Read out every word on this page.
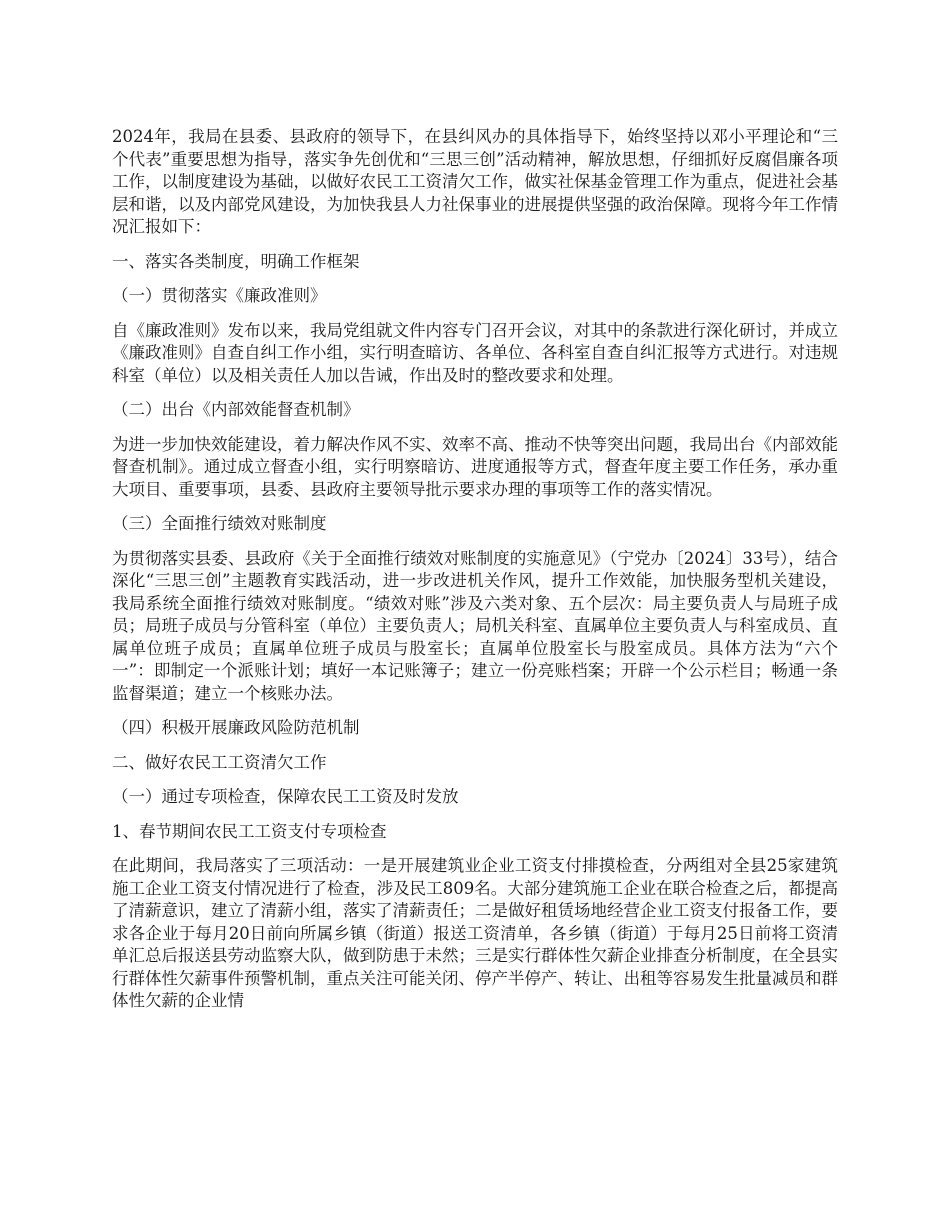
2024年，我局在县委、县政府的领导下，在县纠风办的具体指导下，始终坚持以邓小平理论和“三个代表”重要思想为指导，落实争先创优和“三思三创”活动精神，解放思想，仔细抓好反腐倡廉各项工作，以制度建设为基础，以做好农民工工资清欠工作，做实社保基金管理工作为重点，促进社会基层和谐，以及内部党风建设，为加快我县人力社保事业的进展提供坚强的政治保障。现将今年工作情况汇报如下：

一、落实各类制度，明确工作框架

（一）贯彻落实《廉政准则》

自《廉政准则》发布以来，我局党组就文件内容专门召开会议，对其中的条款进行深化研讨，并成立《廉政准则》自查自纠工作小组，实行明查暗访、各单位、各科室自查自纠汇报等方式进行。对违规科室（单位）以及相关责任人加以告诫，作出及时的整改要求和处理。

（二）出台《内部效能督查机制》

为进一步加快效能建设，着力解决作风不实、效率不高、推动不快等突出问题，我局出台《内部效能督查机制》。通过成立督查小组，实行明察暗访、进度通报等方式，督查年度主要工作任务，承办重大项目、重要事项，县委、县政府主要领导批示要求办理的事项等工作的落实情况。

（三）全面推行绩效对账制度

为贯彻落实县委、县政府《关于全面推行绩效对账制度的实施意见》（宁党办〔2024〕33号），结合深化“三思三创”主题教育实践活动，进一步改进机关作风，提升工作效能，加快服务型机关建设，我局系统全面推行绩效对账制度。“绩效对账”涉及六类对象、五个层次：局主要负责人与局班子成员；局班子成员与分管科室（单位）主要负责人；局机关科室、直属单位主要负责人与科室成员、直属单位班子成员；直属单位班子成员与股室长；直属单位股室长与股室成员。具体方法为“六个一”：即制定一个派账计划；填好一本记账簿子；建立一份亮账档案；开辟一个公示栏目；畅通一条监督渠道；建立一个核账办法。

（四）积极开展廉政风险防范机制

二、做好农民工工资清欠工作

（一）通过专项检查，保障农民工工资及时发放

1、春节期间农民工工资支付专项检查

在此期间，我局落实了三项活动：一是开展建筑业企业工资支付排摸检查，分两组对全县25家建筑施工企业工资支付情况进行了检查，涉及民工809名。大部分建筑施工企业在联合检查之后，都提高了清薪意识，建立了清薪小组，落实了清薪责任；二是做好租赁场地经营企业工资支付报备工作，要求各企业于每月20日前向所属乡镇（街道）报送工资清单，各乡镇（街道）于每月25日前将工资清单汇总后报送县劳动监察大队，做到防患于未然；三是实行群体性欠薪企业排查分析制度，在全县实行群体性欠薪事件预警机制，重点关注可能关闭、停产半停产、转让、出租等容易发生批量减员和群体性欠薪的企业情
